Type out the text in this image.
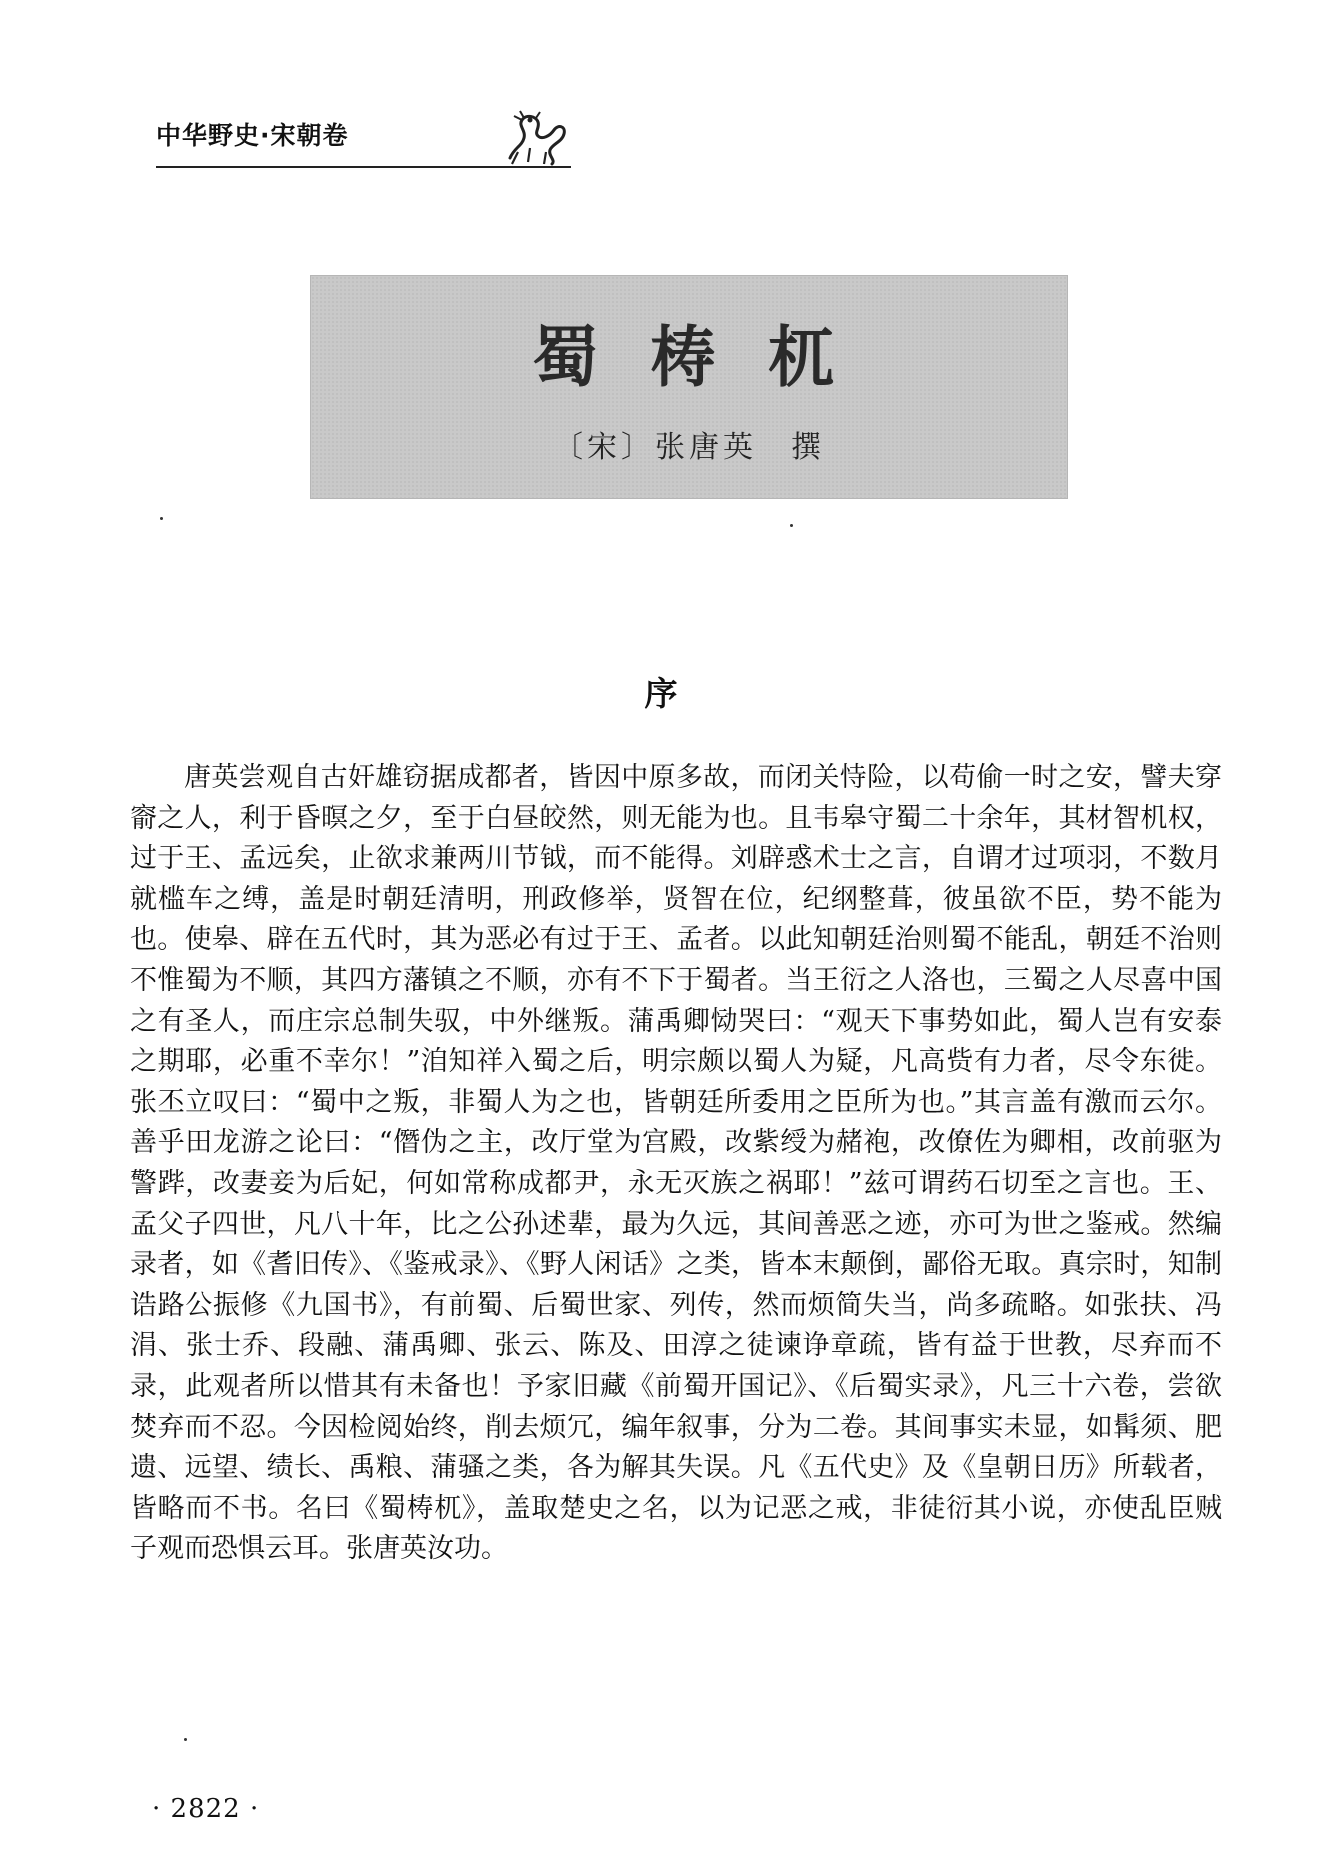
中华野史·宋朝卷
蜀梼杌
〔宋〕张唐英　撰
序

唐英尝观自古奸雄窃据成都者，皆因中原多故，而闭关恃险，以苟偷一时之安，譬夫穿窬之人，利于昏暝之夕，至于白昼皎然，则无能为也。且韦皋守蜀二十余年，其材智机权，过于王、孟远矣，止欲求兼两川节钺，而不能得。刘辟惑术士之言，自谓才过项羽，不数月就槛车之缚，盖是时朝廷清明，刑政修举，贤智在位，纪纲整葺，彼虽欲不臣，势不能为也。使皋、辟在五代时，其为恶必有过于王、孟者。以此知朝廷治则蜀不能乱，朝廷不治则不惟蜀为不顺，其四方藩镇之不顺，亦有不下于蜀者。当王衍之人洛也，三蜀之人尽喜中国之有圣人，而庄宗总制失驭，中外继叛。蒲禹卿恸哭曰：“观天下事势如此，蜀人岂有安泰之期耶，必重不幸尔！”洎知祥入蜀之后，明宗颇以蜀人为疑，凡高赀有力者，尽令东徙。张丕立叹曰：“蜀中之叛，非蜀人为之也，皆朝廷所委用之臣所为也。”其言盖有激而云尔。善乎田龙游之论曰：“僭伪之主，改厅堂为宫殿，改紫绶为赭袍，改僚佐为卿相，改前驱为警跸，改妻妾为后妃，何如常称成都尹，永无灭族之祸耶！”兹可谓药石切至之言也。王、孟父子四世，凡八十年，比之公孙述辈，最为久远，其间善恶之迹，亦可为世之鉴戒。然编录者，如《耆旧传》、《鉴戒录》、《野人闲话》之类，皆本末颠倒，鄙俗无取。真宗时，知制诰路公振修《九国书》，有前蜀、后蜀世家、列传，然而烦简失当，尚多疏略。如张扶、冯涓、张士乔、段融、蒲禹卿、张云、陈及、田淳之徒谏诤章疏，皆有益于世教，尽弃而不录，此观者所以惜其有未备也！予家旧藏《前蜀开国记》、《后蜀实录》，凡三十六卷，尝欲焚弃而不忍。今因检阅始终，削去烦冗，编年叙事，分为二卷。其间事实未显，如髯须、肥遗、远望、绩长、禹粮、蒲骚之类，各为解其失误。凡《五代史》及《皇朝日历》所载者，皆略而不书。名曰《蜀梼杌》，盖取楚史之名，以为记恶之戒，非徒衍其小说，亦使乱臣贼子观而恐惧云耳。张唐英汝功。

· 2822 ·
